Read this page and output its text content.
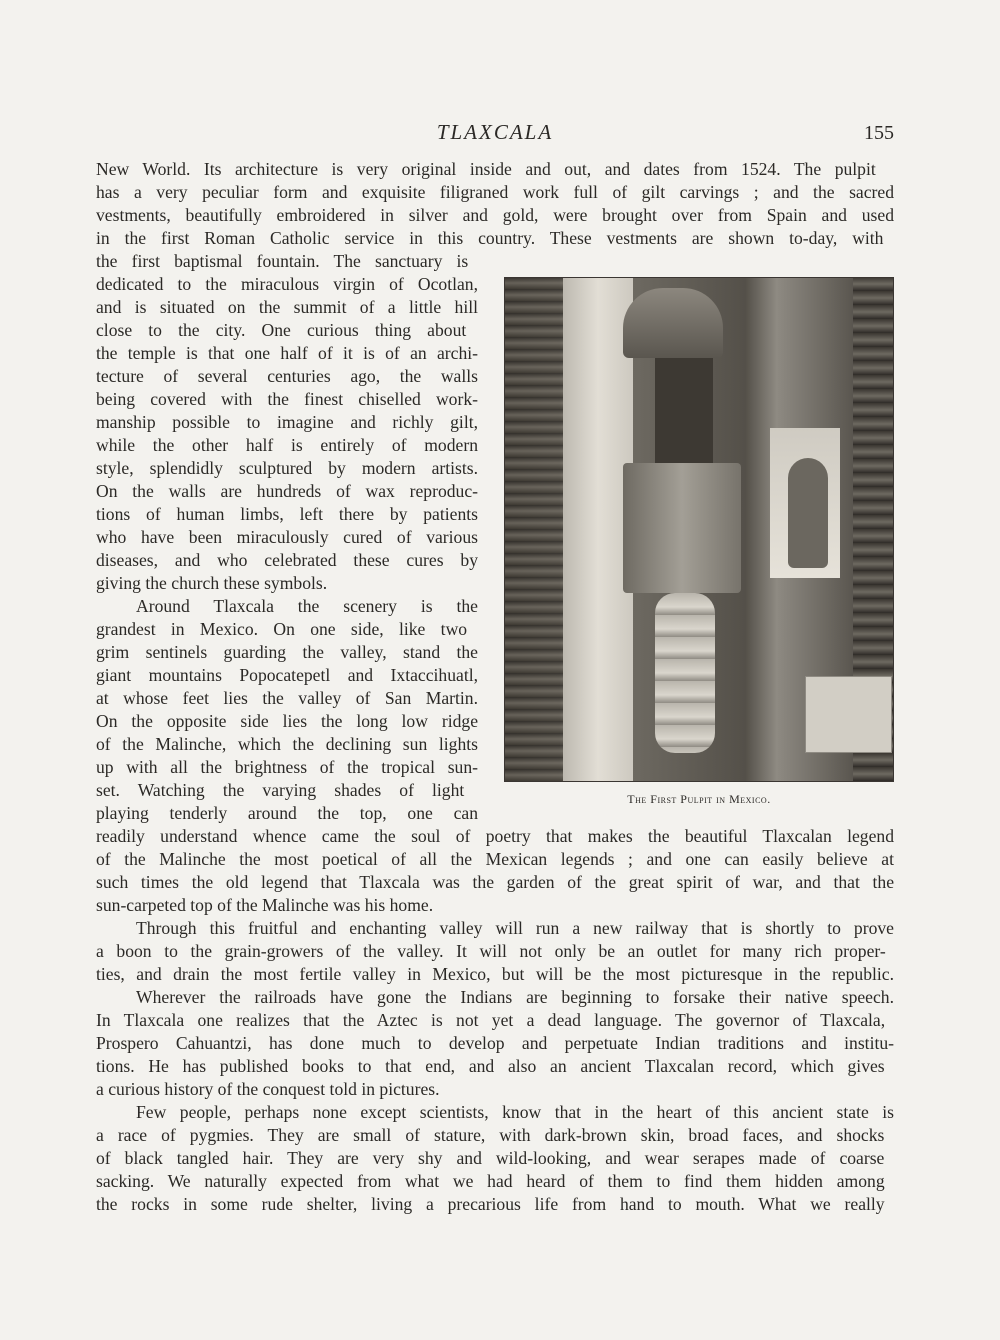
TLAXCALA	155

New World. Its architecture is very original inside and out, and dates from 1524. The pulpit

has a very peculiar form and exquisite filigraned work full of gilt carvings ; and the sacred

vestments, beautifully embroidered in silver and gold, were brought over from Spain and used

in the first Roman Catholic service in this country. These vestments are shown to-day, with

the first baptismal fountain. The sanctuary is

dedicated to the miraculous virgin of Ocotlan,

and is situated on the summit of a little hill

close to the city. One curious thing about

the temple is that one half of it is of an archi-

tecture of several centuries ago, the walls

being covered with the finest chiselled work-

manship possible to imagine and richly gilt,

while the other half is entirely of modern

style, splendidly sculptured by modern artists.

On the walls are hundreds of wax reproduc-

tions of human limbs, left there by patients

who have been miraculously cured of various

diseases, and who celebrated these cures by

giving the church these symbols.

Around Tlaxcala the scenery is the

grandest in Mexico. On one side, like two

grim sentinels guarding the valley, stand the

giant mountains Popocatepetl and Ixtaccihuatl,

at whose feet lies the valley of San Martin.

On the opposite side lies the long low ridge

of the Malinche, which the declining sun lights

up with all the brightness of the tropical sun-

set. Watching the varying shades of light

playing tenderly around the top, one can

readily understand whence came the soul of poetry that makes the beautiful Tlaxcalan legend

of the Malinche the most poetical of all the Mexican legends ; and one can easily believe at

such times the old legend that Tlaxcala was the garden of the great spirit of war, and that the

sun-carpeted top of the Malinche was his home.

Through this fruitful and enchanting valley will run a new railway that is shortly to prove

a boon to the grain-growers of the valley. It will not only be an outlet for many rich proper-

ties, and drain the most fertile valley in Mexico, but will be the most picturesque in the republic.

Wherever the railroads have gone the Indians are beginning to forsake their native speech.

In Tlaxcala one realizes that the Aztec is not yet a dead language. The governor of Tlaxcala,

Prospero Cahuantzi, has done much to develop and perpetuate Indian traditions and institu-

tions. He has published books to that end, and also an ancient Tlaxcalan record, which gives

a curious history of the conquest told in pictures.

Few people, perhaps none except scientists, know that in the heart of this ancient state is

a race of pygmies. They are small of stature, with dark-brown skin, broad faces, and shocks

of black tangled hair. They are very shy and wild-looking, and wear serapes made of coarse

sacking. We naturally expected from what we had heard of them to find them hidden among

the rocks in some rude shelter, living a precarious life from hand to mouth. What we really

The First Pulpit in Mexico.
